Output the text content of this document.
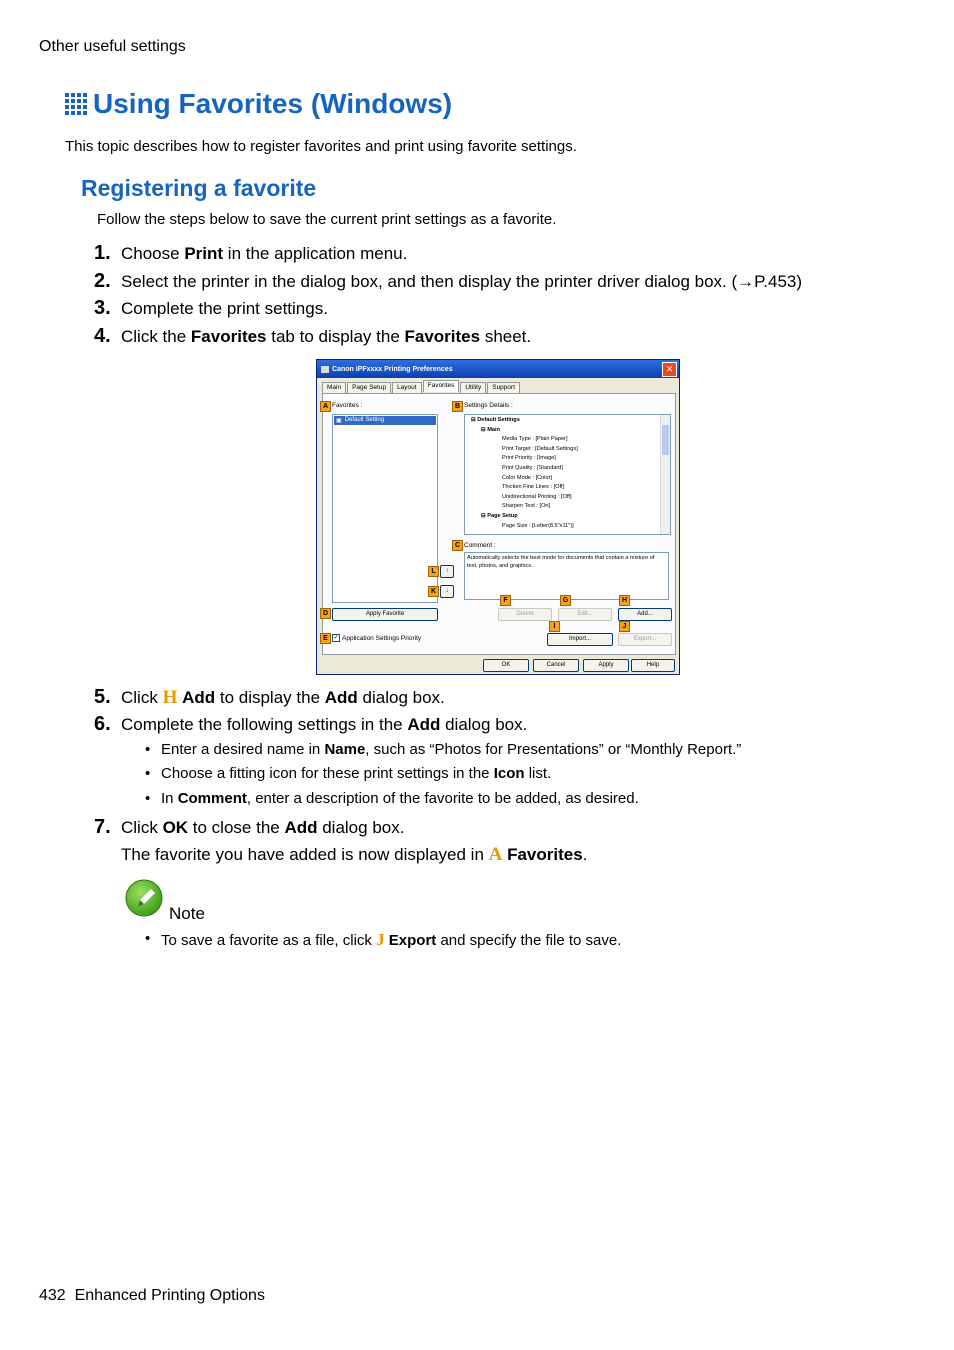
Other useful settings
Using Favorites (Windows)
This topic describes how to register favorites and print using favorite settings.
Registering a favorite
Follow the steps below to save the current print settings as a favorite.
1. Choose Print in the application menu.
2. Select the printer in the dialog box, and then display the printer driver dialog box. (→P.453)
3. Complete the print settings.
4. Click the Favorites tab to display the Favorites sheet.
Canon iPFxxxx Printing Preferences	✕
Main	Page Setup	Layout	Favorites	Utility	Support
A Favorites :
▣ Default Setting
B Settings Details :
⊟ Default Settings
⊟ Main
Media Type : [Plain Paper]
Print Target : [Default Settings]
Print Priority : [Image]
Print Quality : [Standard]
Color Mode : [Color]
Thicken Fine Lines : [Off]
Unidirectional Printing : [Off]
Sharpen Text : [On]
⊟ Page Setup
Page Size : [Letter(8.5"x11")]
C Comment :
Automatically selects the best mode for documents that contain a mixture of text, photos, and graphics.
L	↑
K	↓
D	Apply Favorite
F
Delete
G
Edit...
H
Add...
I
Import...
J
Export...
E ✓ Application Settings Priority
OK	Cancel	Apply	Help
5. Click H Add to display the Add dialog box.
6. Complete the following settings in the Add dialog box.
• Enter a desired name in Name, such as “Photos for Presentations” or “Monthly Report.”
• Choose a fitting icon for these print settings in the Icon list.
• In Comment, enter a description of the favorite to be added, as desired.
7. Click OK to close the Add dialog box.
The favorite you have added is now displayed in A Favorites.
Note
• To save a favorite as a file, click J Export and specify the file to save.
432 Enhanced Printing Options
